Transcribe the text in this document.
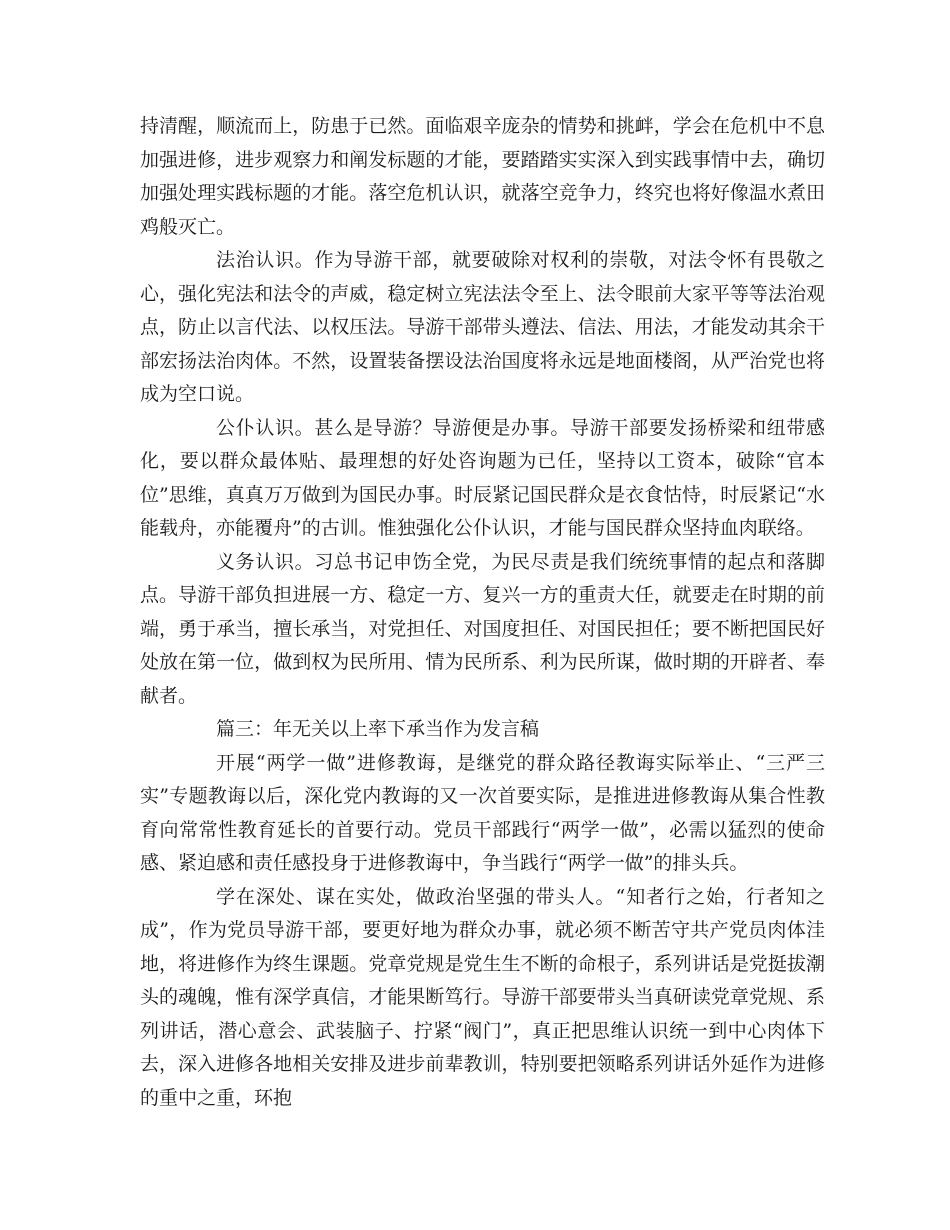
持清醒，顺流而上，防患于已然。面临艰辛庞杂的情势和挑衅，学会在危机中不息加强进修，进步观察力和阐发标题的才能，要踏踏实实深入到实践事情中去，确切加强处理实践标题的才能。落空危机认识，就落空竞争力，终究也将好像温水煮田鸡般灭亡。

法治认识。作为导游干部，就要破除对权利的崇敬，对法令怀有畏敬之心，强化宪法和法令的声威，稳定树立宪法法令至上、法令眼前大家平等等法治观点，防止以言代法、以权压法。导游干部带头遵法、信法、用法，才能发动其余干部宏扬法治肉体。不然，设置装备摆设法治国度将永远是地面楼阁，从严治党也将成为空口说。

公仆认识。甚么是导游？导游便是办事。导游干部要发扬桥梁和纽带感化，要以群众最体贴、最理想的好处咨询题为已任，坚持以工资本，破除“官本位”思维，真真万万做到为国民办事。时辰紧记国民群众是衣食怙恃，时辰紧记“水能载舟，亦能覆舟”的古训。惟独强化公仆认识，才能与国民群众坚持血肉联络。

义务认识。习总书记申饬全党，为民尽责是我们统统事情的起点和落脚点。导游干部负担进展一方、稳定一方、复兴一方的重责大任，就要走在时期的前端，勇于承当，擅长承当，对党担任、对国度担任、对国民担任；要不断把国民好处放在第一位，做到权为民所用、情为民所系、利为民所谋，做时期的开辟者、奉献者。

篇三：年无关以上率下承当作为发言稿

开展“两学一做”进修教诲，是继党的群众路径教诲实际举止、“三严三实”专题教诲以后，深化党内教诲的又一次首要实际，是推进进修教诲从集合性教育向常常性教育延长的首要行动。党员干部践行“两学一做”，必需以猛烈的使命感、紧迫感和责任感投身于进修教诲中，争当践行“两学一做”的排头兵。

学在深处、谋在实处，做政治坚强的带头人。“知者行之始，行者知之成”，作为党员导游干部，要更好地为群众办事，就必须不断苦守共产党员肉体洼地，将进修作为终生课题。党章党规是党生生不断的命根子，系列讲话是党挺拔潮头的魂魄，惟有深学真信，才能果断笃行。导游干部要带头当真研读党章党规、系列讲话，潜心意会、武装脑子、拧紧“阀门”，真正把思维认识统一到中心肉体下去，深入进修各地相关安排及进步前辈教训，特别要把领略系列讲话外延作为进修的重中之重，环抱
